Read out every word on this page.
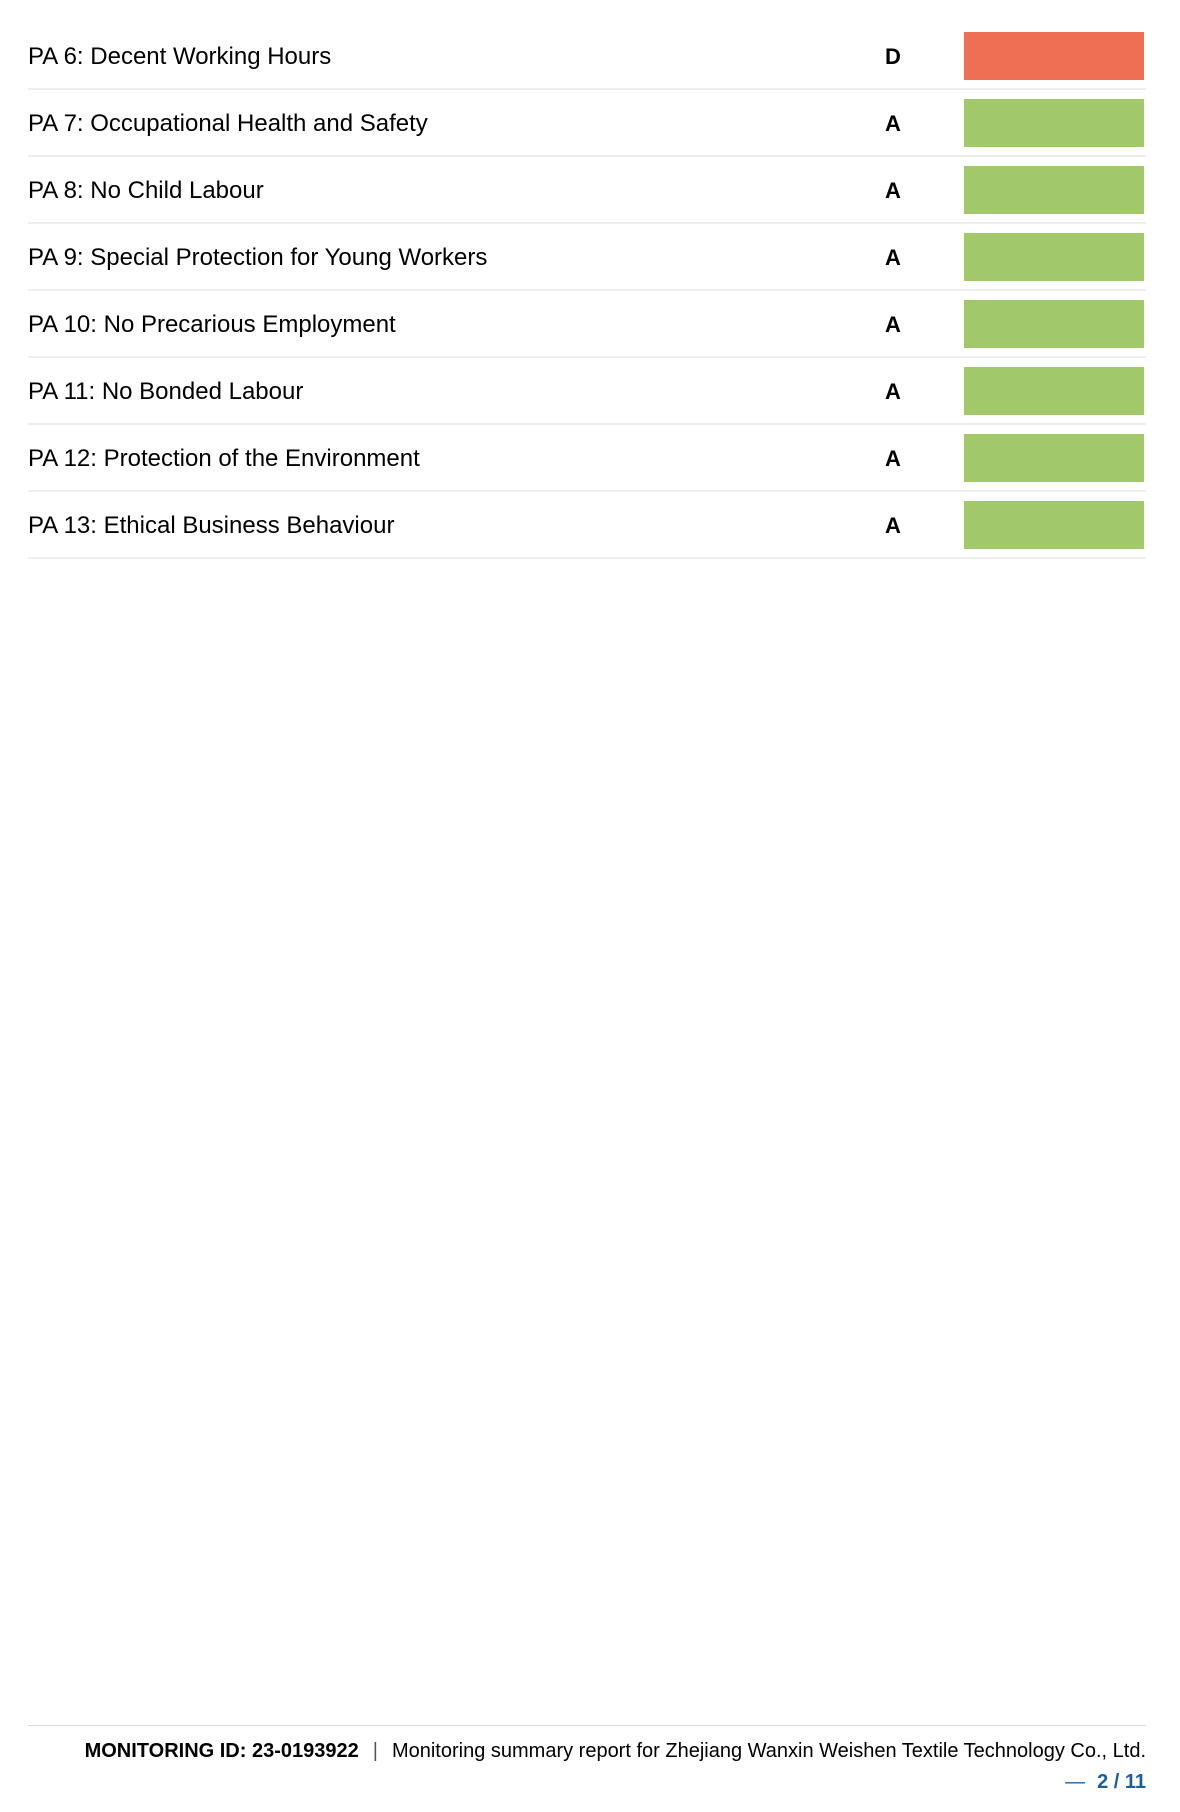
PA 6: Decent Working Hours	D
PA 7: Occupational Health and Safety	A
PA 8: No Child Labour	A
PA 9: Special Protection for Young Workers	A
PA 10: No Precarious Employment	A
PA 11: No Bonded Labour	A
PA 12: Protection of the Environment	A
PA 13: Ethical Business Behaviour	A
MONITORING ID: 23-0193922 | Monitoring summary report for Zhejiang Wanxin Weishen Textile Technology Co., Ltd.
— 2 / 11
